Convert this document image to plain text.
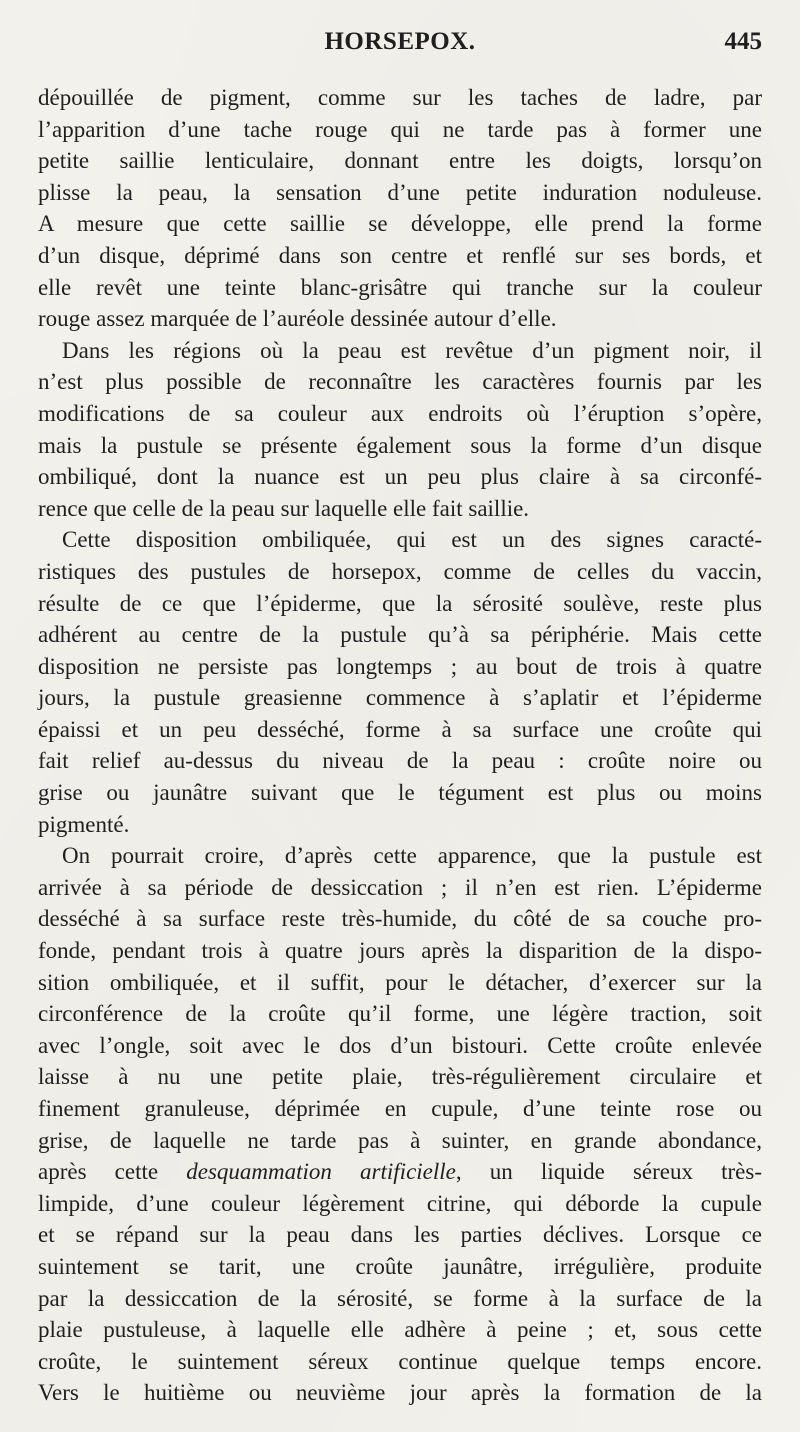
HORSEPOX.	445
dépouillée de pigment, comme sur les taches de ladre, par
l’apparition d’une tache rouge qui ne tarde pas à former une
petite saillie lenticulaire, donnant entre les doigts, lorsqu’on
plisse la peau, la sensation d’une petite induration noduleuse.
A mesure que cette saillie se développe, elle prend la forme
d’un disque, déprimé dans son centre et renflé sur ses bords, et
elle revêt une teinte blanc-grisâtre qui tranche sur la couleur
rouge assez marquée de l’auréole dessinée autour d’elle.
Dans les régions où la peau est revêtue d’un pigment noir, il
n’est plus possible de reconnaître les caractères fournis par les
modifications de sa couleur aux endroits où l’éruption s’opère,
mais la pustule se présente également sous la forme d’un disque
ombiliqué, dont la nuance est un peu plus claire à sa circonfé-
rence que celle de la peau sur laquelle elle fait saillie.
Cette disposition ombiliquée, qui est un des signes caracté-
ristiques des pustules de horsepox, comme de celles du vaccin,
résulte de ce que l’épiderme, que la sérosité soulève, reste plus
adhérent au centre de la pustule qu’à sa périphérie. Mais cette
disposition ne persiste pas longtemps ; au bout de trois à quatre
jours, la pustule greasienne commence à s’aplatir et l’épiderme
épaissi et un peu desséché, forme à sa surface une croûte qui
fait relief au-dessus du niveau de la peau : croûte noire ou
grise ou jaunâtre suivant que le tégument est plus ou moins
pigmenté.
On pourrait croire, d’après cette apparence, que la pustule est
arrivée à sa période de dessiccation ; il n’en est rien. L’épiderme
desséché à sa surface reste très-humide, du côté de sa couche pro-
fonde, pendant trois à quatre jours après la disparition de la dispo-
sition ombiliquée, et il suffit, pour le détacher, d’exercer sur la
circonférence de la croûte qu’il forme, une légère traction, soit
avec l’ongle, soit avec le dos d’un bistouri. Cette croûte enlevée
laisse à nu une petite plaie, très-régulièrement circulaire et
finement granuleuse, déprimée en cupule, d’une teinte rose ou
grise, de laquelle ne tarde pas à suinter, en grande abondance,
après cette desquammation artificielle, un liquide séreux très-
limpide, d’une couleur légèrement citrine, qui déborde la cupule
et se répand sur la peau dans les parties déclives. Lorsque ce
suintement se tarit, une croûte jaunâtre, irrégulière, produite
par la dessiccation de la sérosité, se forme à la surface de la
plaie pustuleuse, à laquelle elle adhère à peine ; et, sous cette
croûte, le suintement séreux continue quelque temps encore.
Vers le huitième ou neuvième jour après la formation de la
